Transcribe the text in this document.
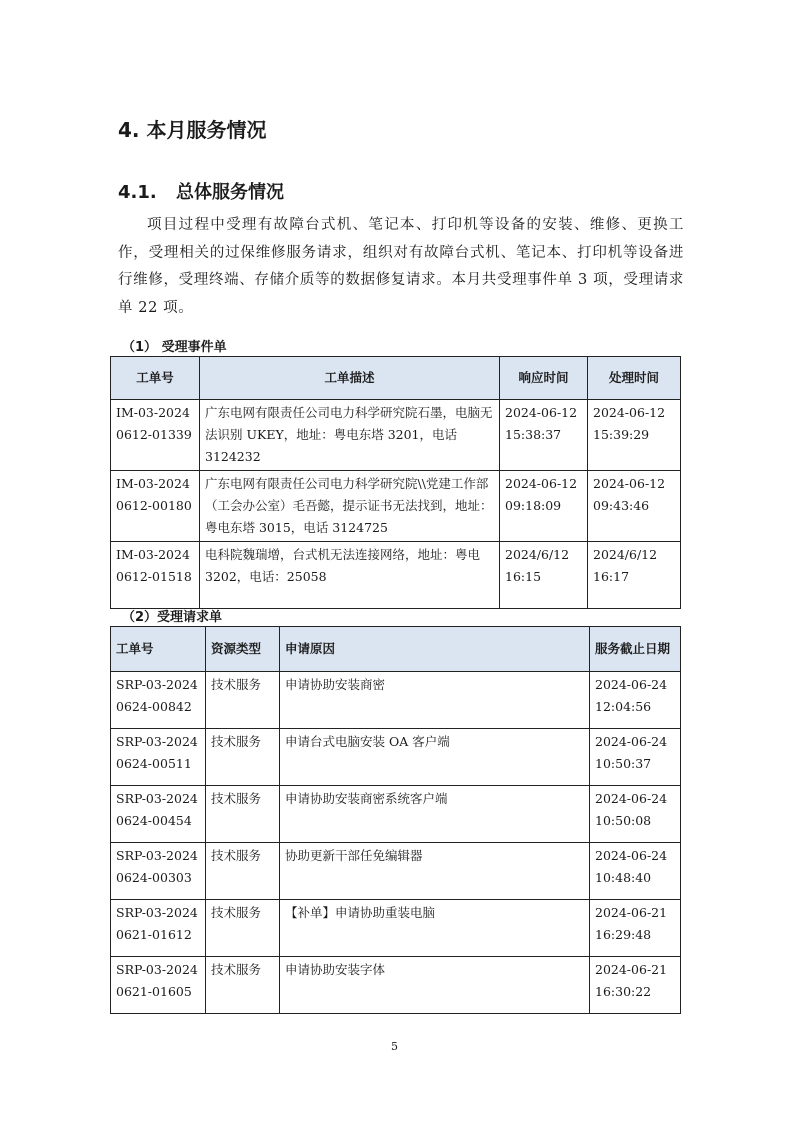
4. 本月服务情况
4.1. 总体服务情况
项目过程中受理有故障台式机、笔记本、打印机等设备的安装、维修、更换工作，受理相关的过保维修服务请求，组织对有故障台式机、笔记本、打印机等设备进行维修，受理终端、存储介质等的数据修复请求。本月共受理事件单 3 项，受理请求单 22 项。
（1） 受理事件单
工单号	工单描述	响应时间	处理时间
IM-03-2024 0612-01339	广东电网有限责任公司电力科学研究院石墨，电脑无法识别 UKEY，地址：粤电东塔 3201，电话 3124232	2024-06-12 15:38:37	2024-06-12 15:39:29
IM-03-2024 0612-00180	广东电网有限责任公司电力科学研究院\\党建工作部（工会办公室）毛吾懿，提示证书无法找到，地址：粤电东塔 3015，电话 3124725	2024-06-12 09:18:09	2024-06-12 09:43:46
IM-03-2024 0612-01518	电科院魏瑞增，台式机无法连接网络，地址：粤电 3202，电话：25058	2024/6/12 16:15	2024/6/12 16:17
（2）受理请求单
工单号	资源类型	申请原因	服务截止日期
SRP-03-2024 0624-00842	技术服务	申请协助安装商密	2024-06-24 12:04:56
SRP-03-2024 0624-00511	技术服务	申请台式电脑安装 OA 客户端	2024-06-24 10:50:37
SRP-03-2024 0624-00454	技术服务	申请协助安装商密系统客户端	2024-06-24 10:50:08
SRP-03-2024 0624-00303	技术服务	协助更新干部任免编辑器	2024-06-24 10:48:40
SRP-03-2024 0621-01612	技术服务	【补单】申请协助重装电脑	2024-06-21 16:29:48
SRP-03-2024 0621-01605	技术服务	申请协助安装字体	2024-06-21 16:30:22
5
